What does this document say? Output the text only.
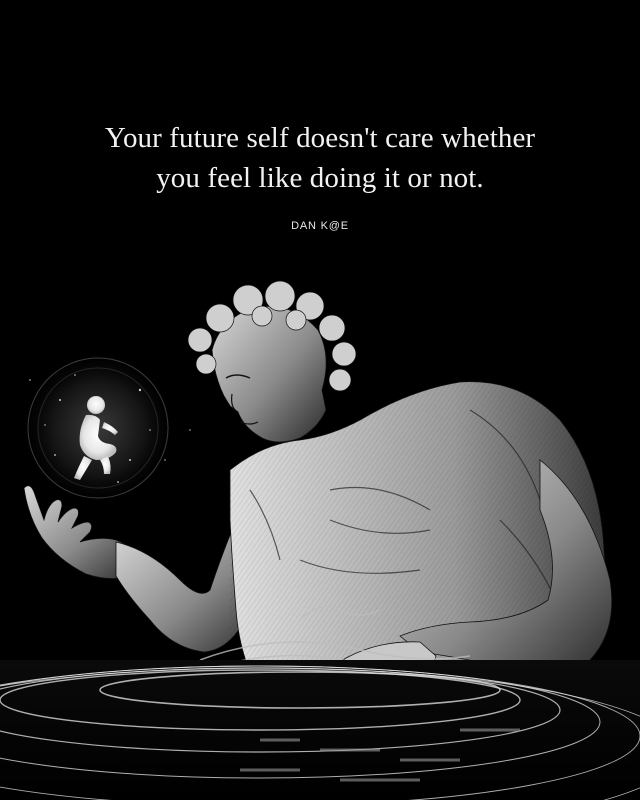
Your future self doesn't care whether
you feel like doing it or not.
DAN K@E
